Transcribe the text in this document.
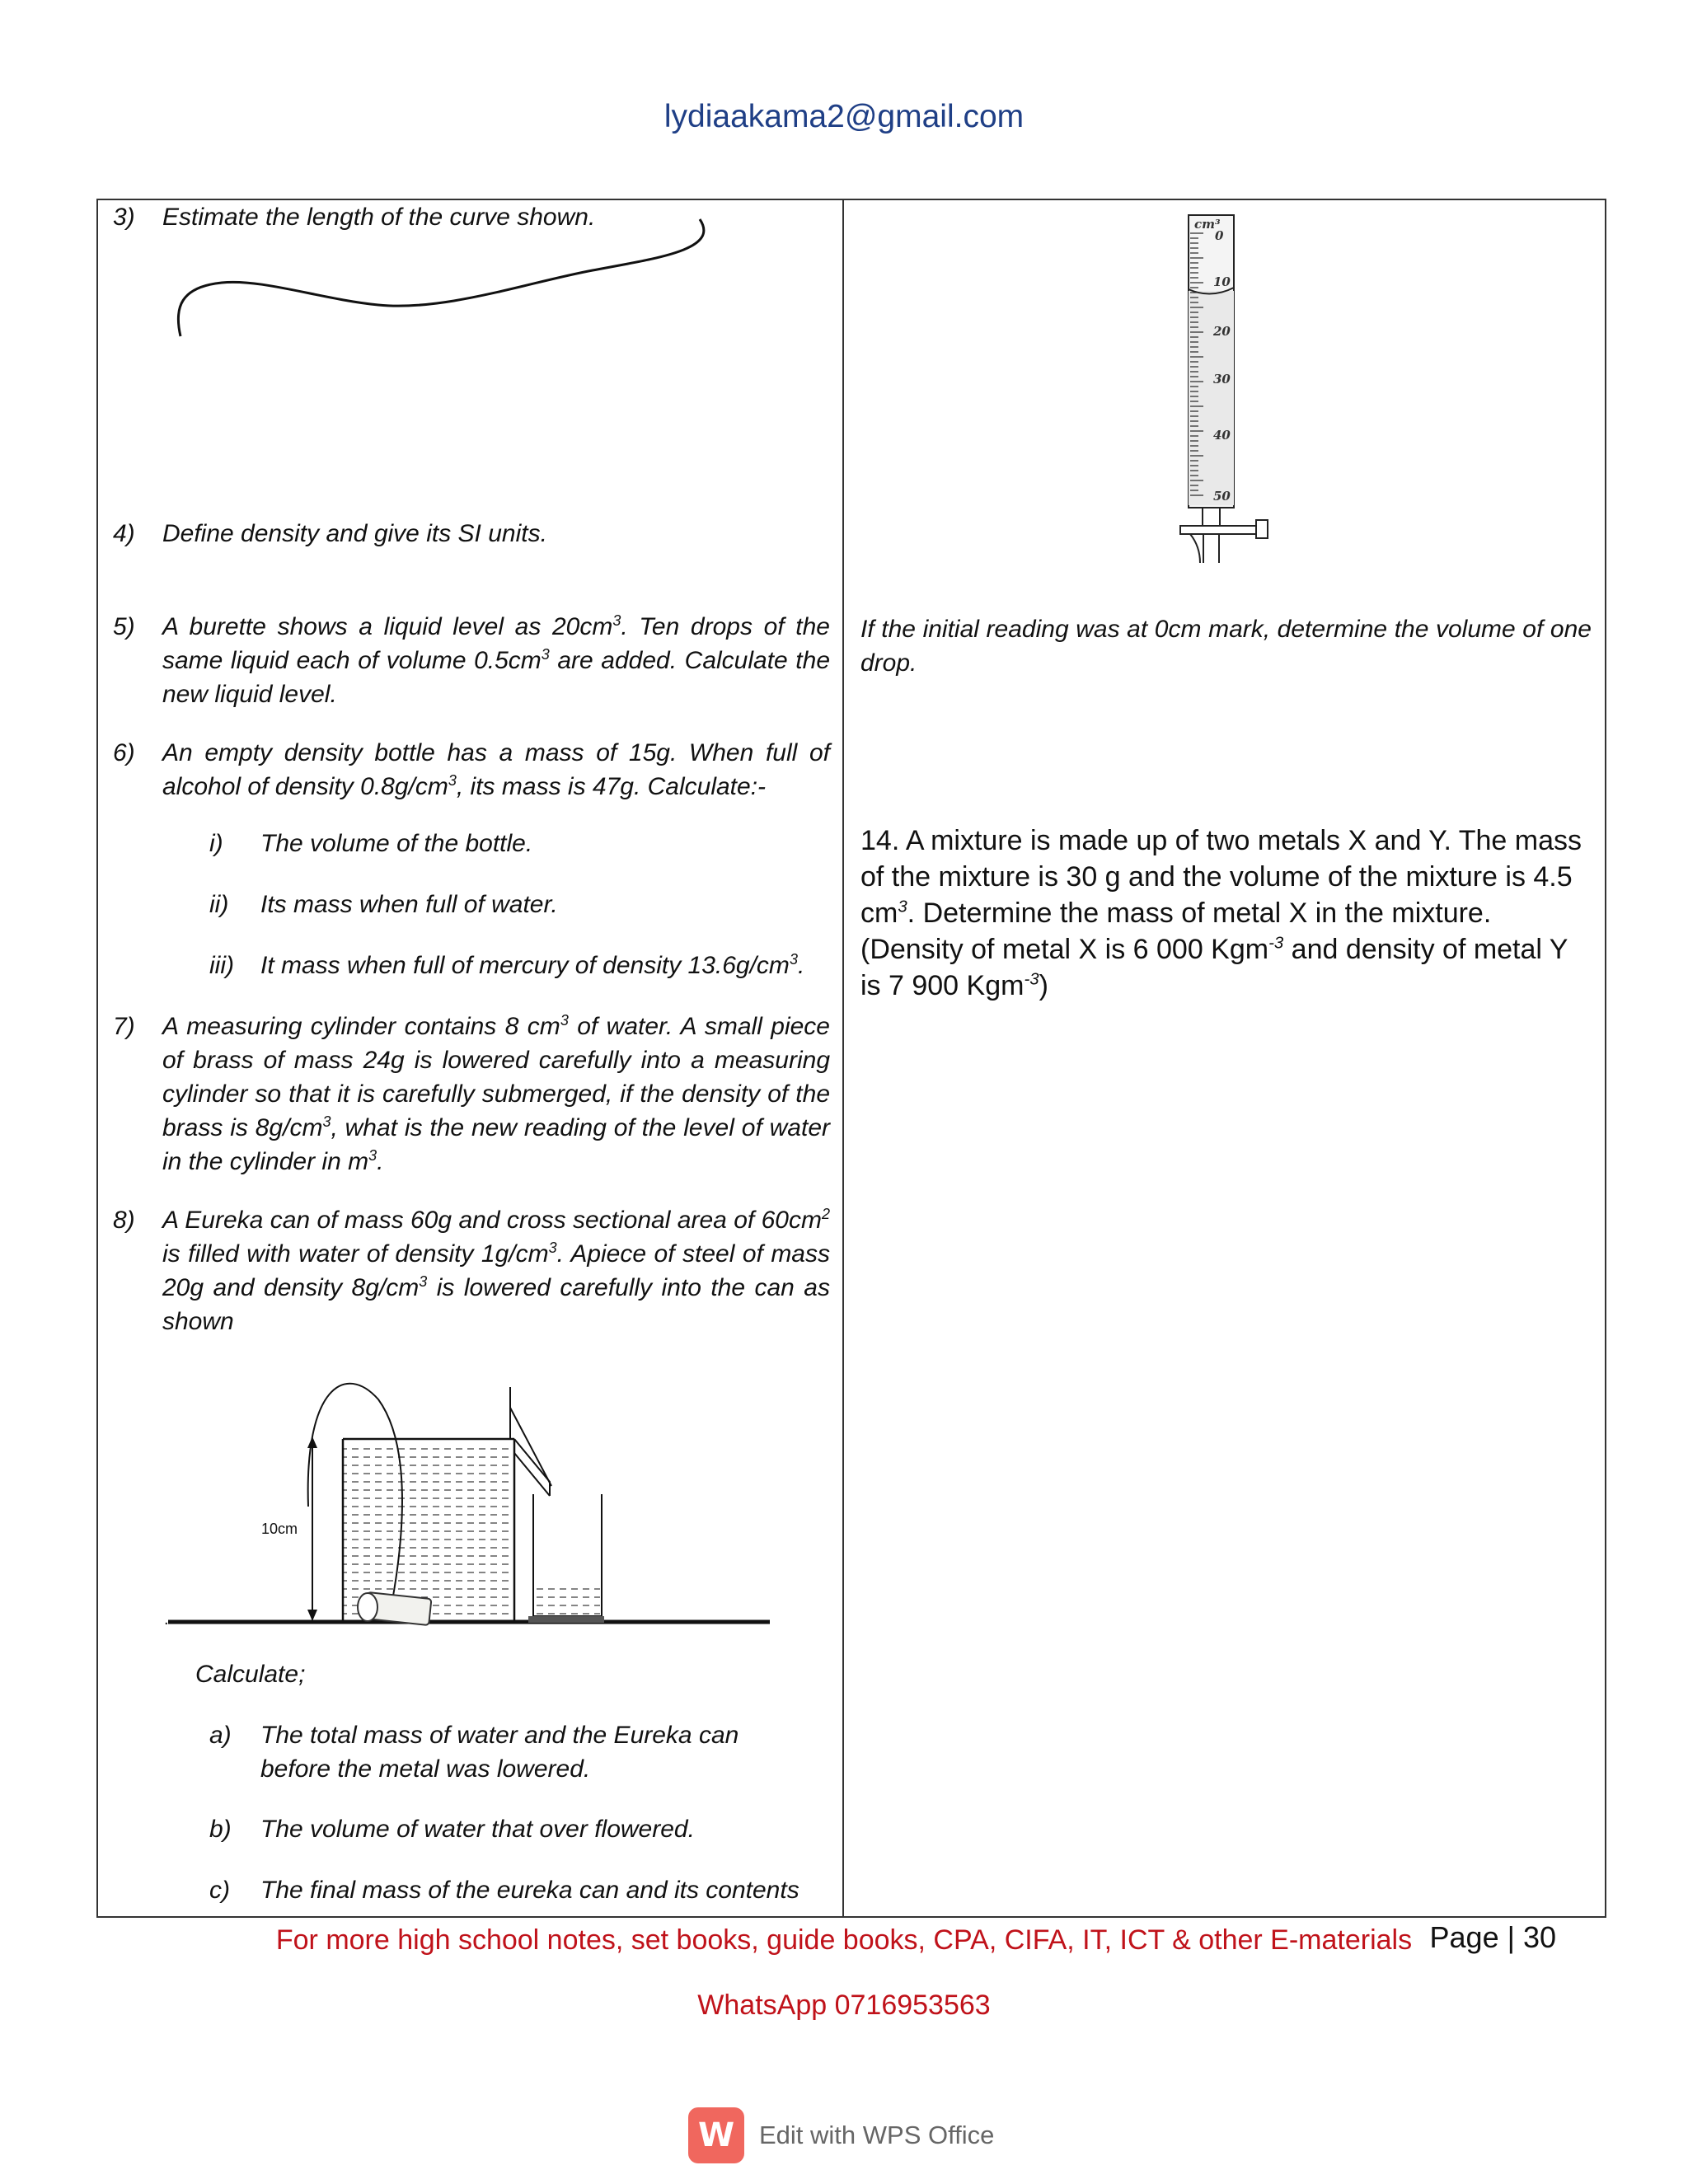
lydiaakama2@gmail.com
3) Estimate the length of the curve shown.
4) Define density and give its SI units.
5) A burette shows a liquid level as $20cm^3$. Ten drops of the same liquid each of volume $0.5cm^3$ are added. Calculate the new liquid level.
6) An empty density bottle has a mass of 15g. When full of alcohol of density $0.8g/cm^3$, its mass is 47g. Calculate:-
i) The volume of the bottle.
ii) Its mass when full of water.
iii) It mass when full of mercury of density $13.6g/cm^3$.
7) A measuring cylinder contains 8 $cm^3$ of water. A small piece of brass of mass 24g is lowered carefully into a measuring cylinder so that it is carefully submerged, if the density of the brass is $8g/cm^3$, what is the new reading of the level of water in the cylinder in $m^3$.
8) A Eureka can of mass 60g and cross sectional area of $60cm^2$ is filled with water of density $1g/cm^3$. Apiece of steel of mass 20g and density $8g/cm^3$ is lowered carefully into the can as shown
10cm
.
Calculate;
a) The total mass of water and the Eureka can
before the metal was lowered.
b) The volume of water that over flowered.
c) The final mass of the eureka can and its contents
cm³
0
10
20
30
40
50
If the initial reading was at 0cm mark, determine the volume of one drop.
14. A mixture is made up of two metals X and Y. The mass of the mixture is 30 g and the volume of the mixture is 4.5 $cm^3$. Determine the mass of metal X in the mixture. (Density of metal X is 6 000 Kgm$^{-3}$ and density of metal Y is 7 900 Kgm$^{-3}$)
Page | 30
For more high school notes, set books, guide books, CPA, CIFA, IT, ICT & other E-materials
WhatsApp 0716953563
W Edit with WPS Office
